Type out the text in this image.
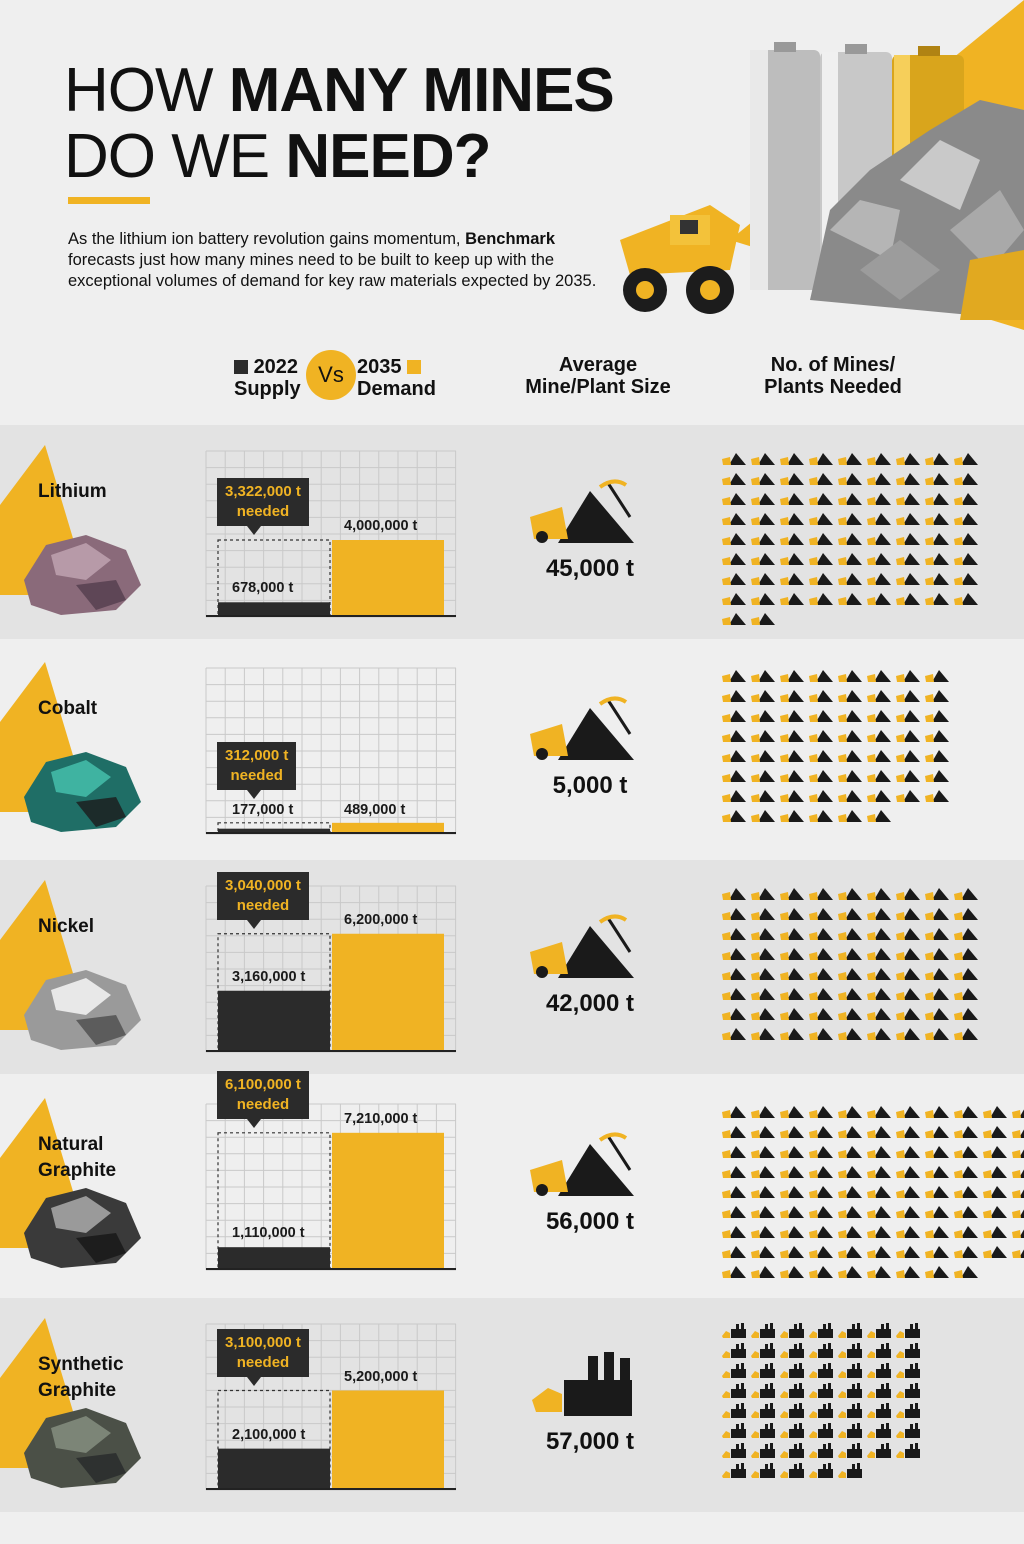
HOW MANY MINES
DO WE NEED?

As the lithium ion battery revolution gains momentum, Benchmark forecasts just how many mines need to be built to keep up with the exceptional volumes of demand for key raw materials expected by 2035.

2022
Supply
Vs 2035
Demand
Average
Mine/Plant Size
No. of Mines/
Plants Needed
Lithium
678,000 t
4,000,000 t
3,322,000 t
needed
45,000 t
Cobalt
177,000 t	489,000 t
312,000 t
needed	5,000 t
Nickel
3,160,000 t
6,200,000 t
3,040,000 t
needed
42,000 t
Natural Graphite
1,110,000 t
7,210,000 t
6,100,000 t
needed
56,000 t
Synthetic Graphite
2,100,000 t
5,200,000 t
3,100,000 t
needed
57,000 t
